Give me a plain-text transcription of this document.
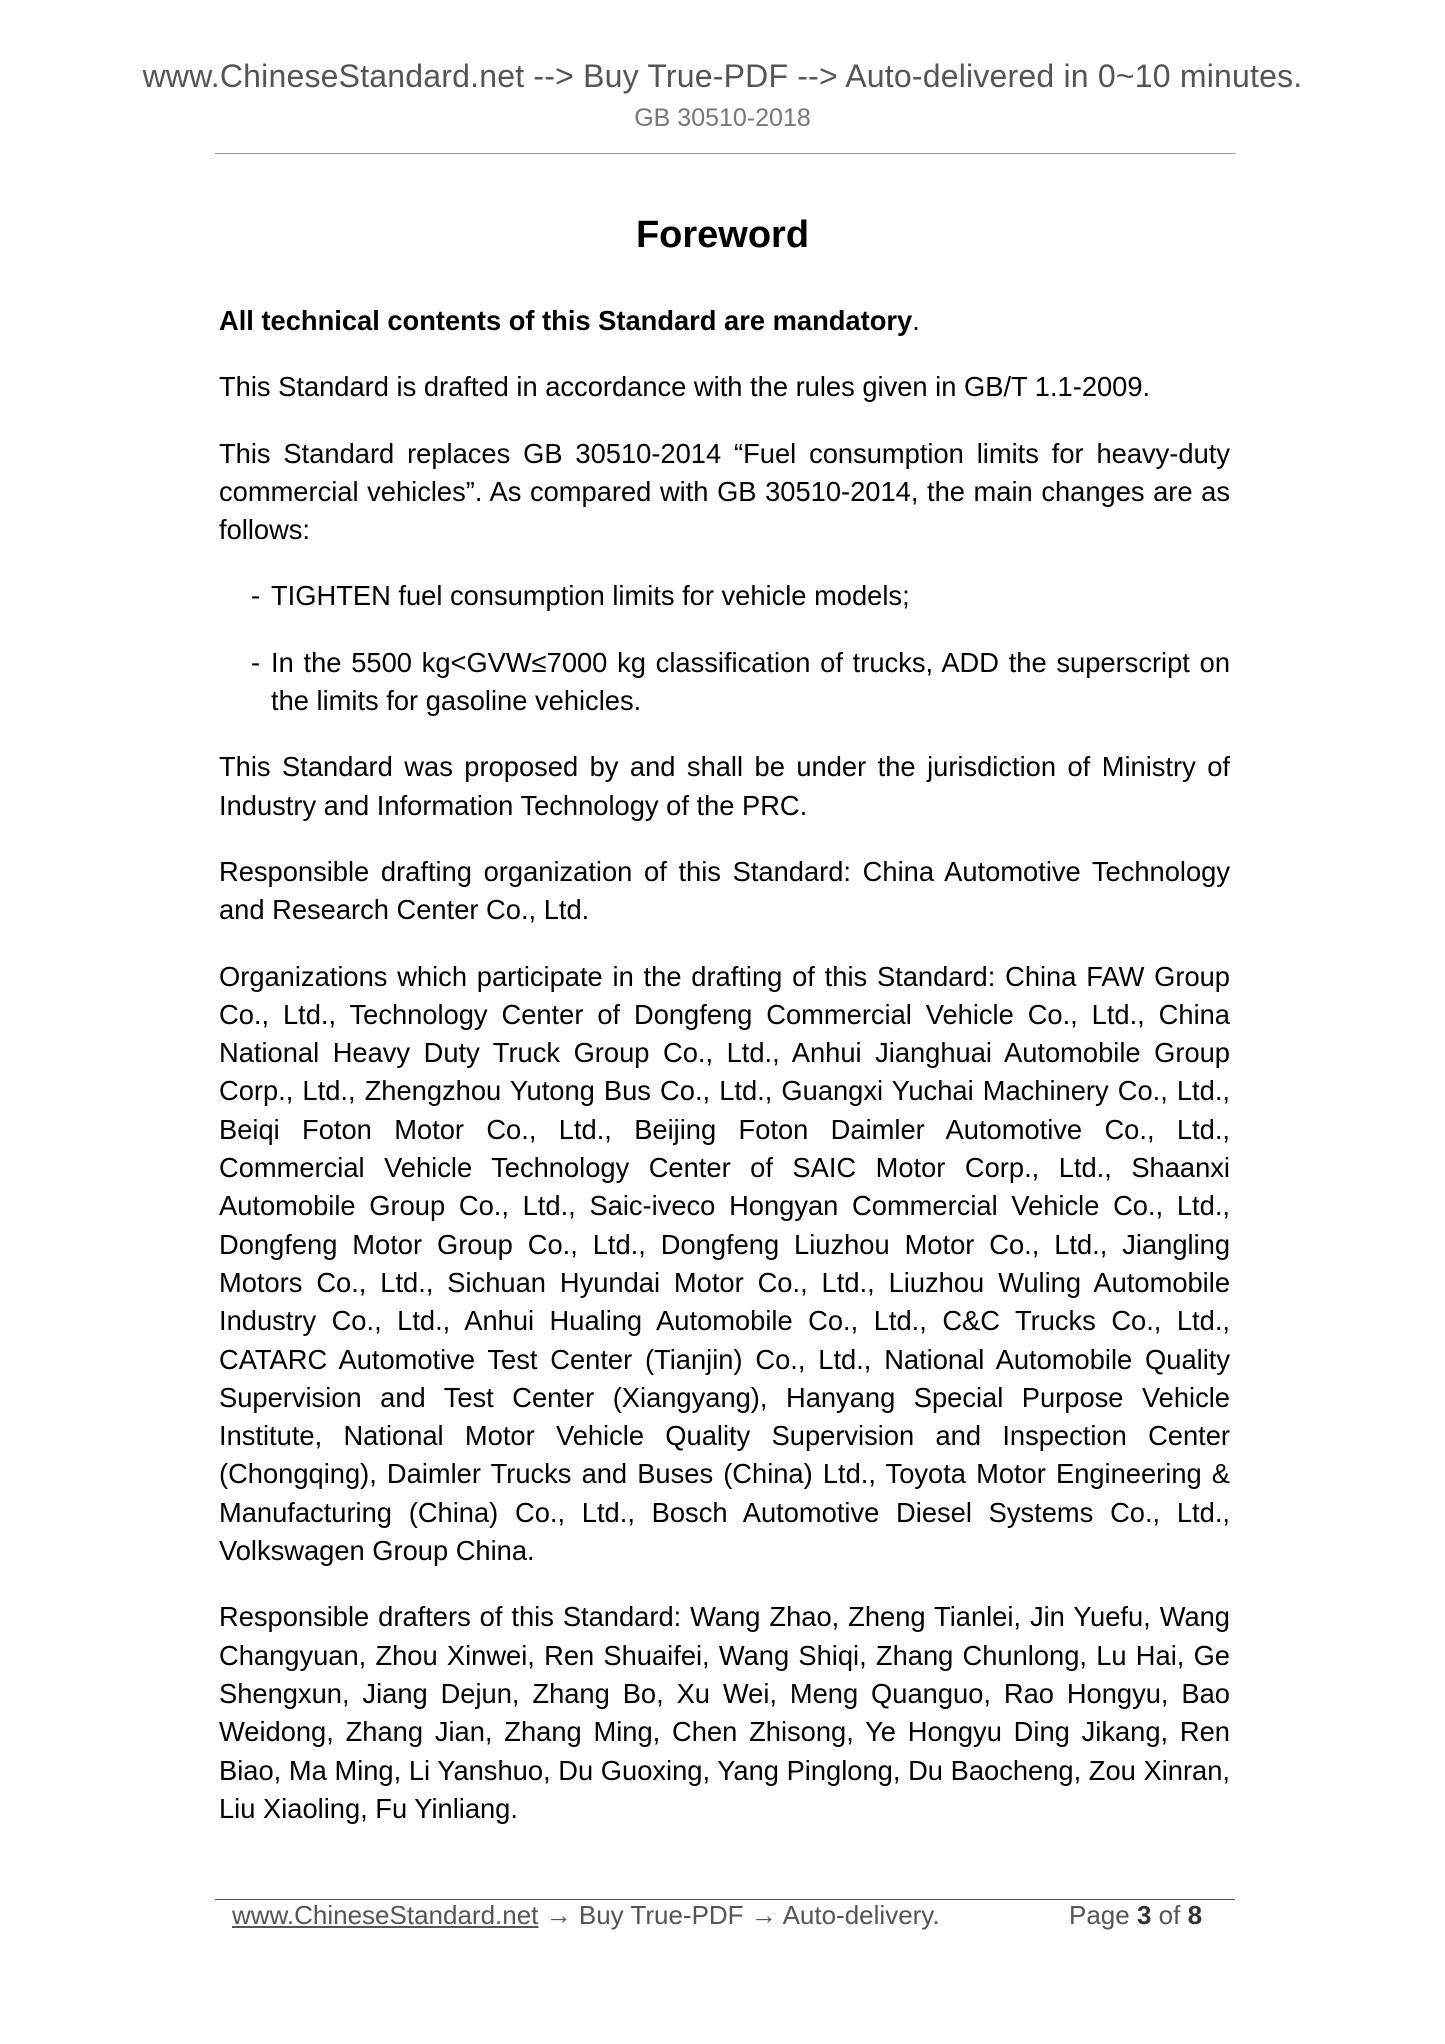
www.ChineseStandard.net --> Buy True-PDF --> Auto-delivered in 0~10 minutes.
GB 30510-2018
Foreword

All technical contents of this Standard are mandatory.

This Standard is drafted in accordance with the rules given in GB/T 1.1-2009.

This Standard replaces GB 30510-2014 “Fuel consumption limits for heavy-duty commercial vehicles”. As compared with GB 30510-2014, the main changes are as follows:

- TIGHTEN fuel consumption limits for vehicle models;
- In the 5500 kg<GVW≤7000 kg classification of trucks, ADD the superscript on the limits for gasoline vehicles.

This Standard was proposed by and shall be under the jurisdiction of Ministry of Industry and Information Technology of the PRC.

Responsible drafting organization of this Standard: China Automotive Technology and Research Center Co., Ltd.

Organizations which participate in the drafting of this Standard: China FAW Group Co., Ltd., Technology Center of Dongfeng Commercial Vehicle Co., Ltd., China National Heavy Duty Truck Group Co., Ltd., Anhui Jianghuai Automobile Group Corp., Ltd., Zhengzhou Yutong Bus Co., Ltd., Guangxi Yuchai Machinery Co., Ltd., Beiqi Foton Motor Co., Ltd., Beijing Foton Daimler Automotive Co., Ltd., Commercial Vehicle Technology Center of SAIC Motor Corp., Ltd., Shaanxi Automobile Group Co., Ltd., Saic-iveco Hongyan Commercial Vehicle Co., Ltd., Dongfeng Motor Group Co., Ltd., Dongfeng Liuzhou Motor Co., Ltd., Jiangling Motors Co., Ltd., Sichuan Hyundai Motor Co., Ltd., Liuzhou Wuling Automobile Industry Co., Ltd., Anhui Hualing Automobile Co., Ltd., C&C Trucks Co., Ltd., CATARC Automotive Test Center (Tianjin) Co., Ltd., National Automobile Quality Supervision and Test Center (Xiangyang), Hanyang Special Purpose Vehicle Institute, National Motor Vehicle Quality Supervision and Inspection Center (Chongqing), Daimler Trucks and Buses (China) Ltd., Toyota Motor Engineering & Manufacturing (China) Co., Ltd., Bosch Automotive Diesel Systems Co., Ltd., Volkswagen Group China.

Responsible drafters of this Standard: Wang Zhao, Zheng Tianlei, Jin Yuefu, Wang Changyuan, Zhou Xinwei, Ren Shuaifei, Wang Shiqi, Zhang Chunlong, Lu Hai, Ge Shengxun, Jiang Dejun, Zhang Bo, Xu Wei, Meng Quanguo, Rao Hongyu, Bao Weidong, Zhang Jian, Zhang Ming, Chen Zhisong, Ye Hongyu Ding Jikang, Ren Biao, Ma Ming, Li Yanshuo, Du Guoxing, Yang Pinglong, Du Baocheng, Zou Xinran, Liu Xiaoling, Fu Yinliang.

www.ChineseStandard.net → Buy True-PDF → Auto-delivery.	Page 3 of 8
